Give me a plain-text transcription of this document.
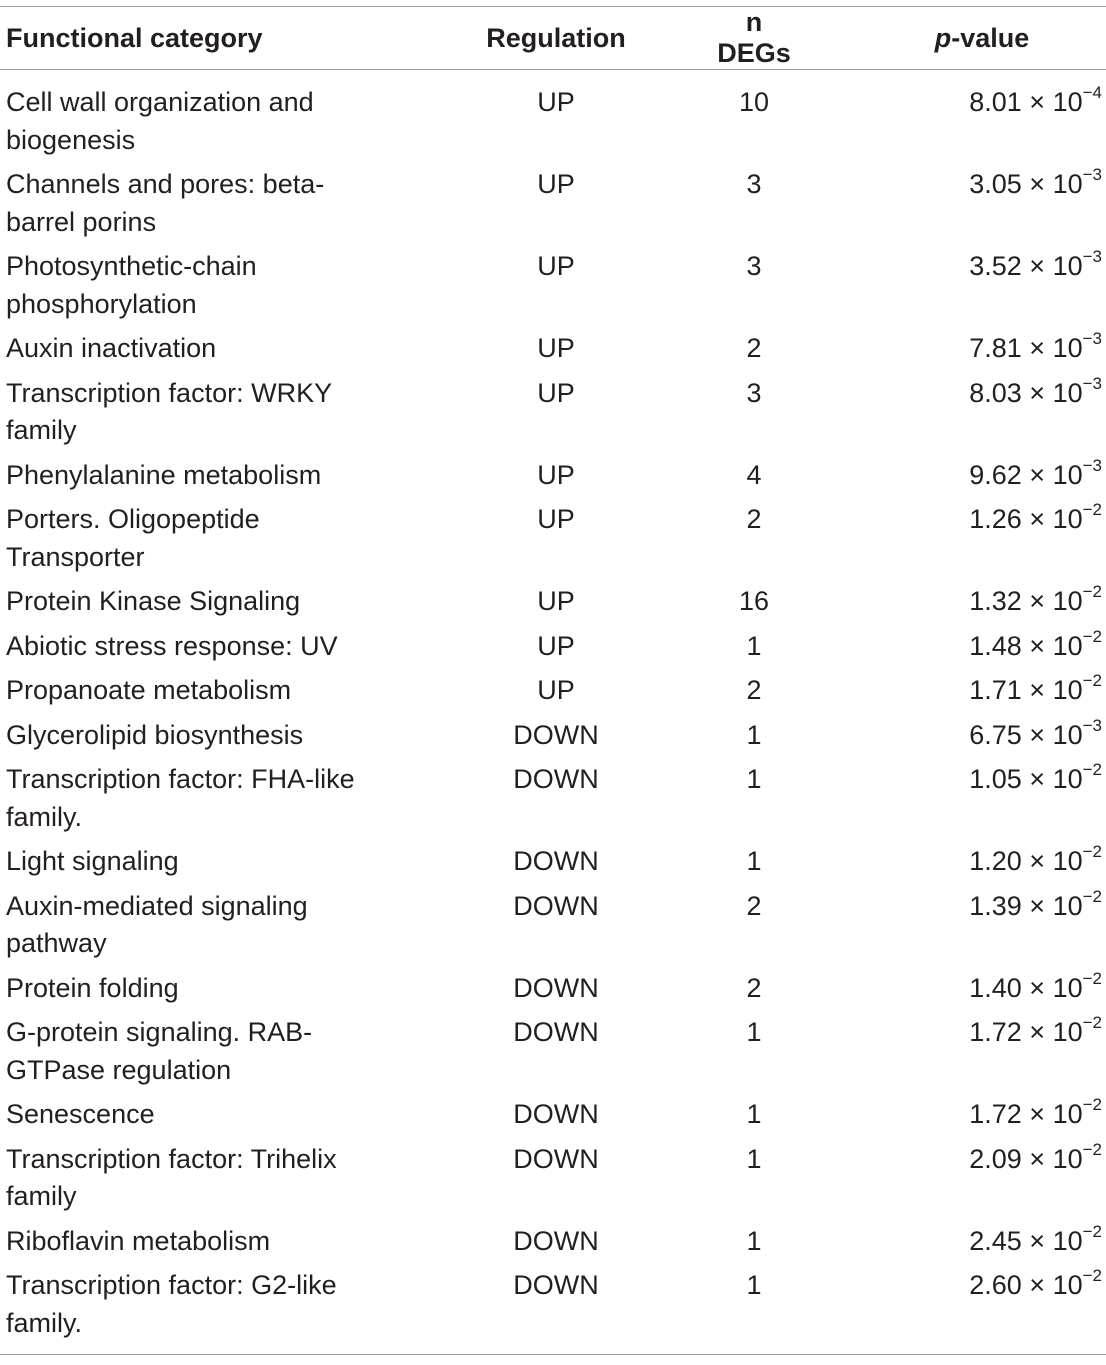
Functional category	Regulation	n DEGs	p-value

Cell wall organization and biogenesis	UP	10	$8.01 \times 10^{-4}$

Channels and pores: beta-barrel porins	UP	3	$3.05 \times 10^{-3}$

Photosynthetic-chain phosphorylation	UP	3	$3.52 \times 10^{-3}$

Auxin inactivation	UP	2	$7.81 \times 10^{-3}$

Transcription factor: WRKY family	UP	3	$8.03 \times 10^{-3}$

Phenylalanine metabolism	UP	4	$9.62 \times 10^{-3}$

Porters. Oligopeptide Transporter	UP	2	$1.26 \times 10^{-2}$

Protein Kinase Signaling	UP	16	$1.32 \times 10^{-2}$

Abiotic stress response: UV	UP	1	$1.48 \times 10^{-2}$

Propanoate metabolism	UP	2	$1.71 \times 10^{-2}$

Glycerolipid biosynthesis	DOWN	1	$6.75 \times 10^{-3}$

Transcription factor: FHA-like family.	DOWN	1	$1.05 \times 10^{-2}$

Light signaling	DOWN	1	$1.20 \times 10^{-2}$

Auxin-mediated signaling pathway	DOWN	2	$1.39 \times 10^{-2}$

Protein folding	DOWN	2	$1.40 \times 10^{-2}$

G-protein signaling. RAB-GTPase regulation	DOWN	1	$1.72 \times 10^{-2}$

Senescence	DOWN	1	$1.72 \times 10^{-2}$

Transcription factor: Trihelix family	DOWN	1	$2.09 \times 10^{-2}$

Riboflavin metabolism	DOWN	1	$2.45 \times 10^{-2}$

Transcription factor: G2-like family.	DOWN	1	$2.60 \times 10^{-2}$
